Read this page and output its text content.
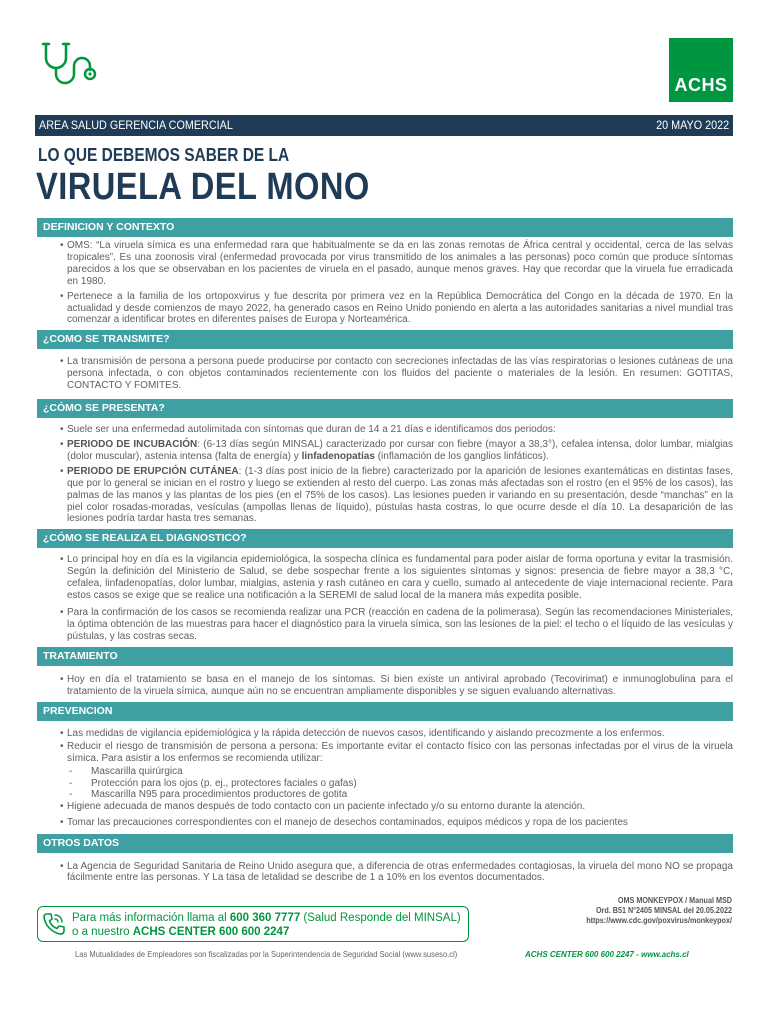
ACHS
AREA SALUD GERENCIA COMERCIAL	20 MAYO 2022
LO QUE DEBEMOS SABER DE LA
VIRUELA DEL MONO
DEFINICION Y CONTEXTO
• OMS: “La viruela símica es una enfermedad rara que habitualmente se da en las zonas remotas de África central y occidental, cerca de las selvas tropicales”. Es una zoonosis viral (enfermedad provocada por virus transmitido de los animales a las personas) poco común que produce síntomas parecidos a los que se observaban en los pacientes de viruela en el pasado, aunque menos graves. Hay que recordar que la viruela fue erradicada en 1980.
• Pertenece a la familia de los ortopoxvirus y fue descrita por primera vez en la República Democrática del Congo en la década de 1970. En la actualidad y desde comienzos de mayo 2022, ha generado casos en Reino Unido poniendo en alerta a las autoridades sanitarias a nivel mundial tras comenzar a identificar brotes en diferentes países de Europa y Norteamérica.
¿COMO SE TRANSMITE?
• La transmisión de persona a persona puede producirse por contacto con secreciones infectadas de las vías respiratorias o lesiones cutáneas de una persona infectada, o con objetos contaminados recientemente con los fluidos del paciente o materiales de la lesión. En resumen: GOTITAS, CONTACTO Y FOMITES.
¿CÓMO SE PRESENTA?
• Suele ser una enfermedad autolimitada con síntomas que duran de 14 a 21 días e identificamos dos periodos:
• PERIODO DE INCUBACIÓN: (6-13 días según MINSAL) caracterizado por cursar con fiebre (mayor a 38,3°), cefalea intensa, dolor lumbar, mialgias (dolor muscular), astenia intensa (falta de energía) y linfadenopatías (inflamación de los ganglios linfáticos).
• PERIODO DE ERUPCIÓN CUTÁNEA: (1-3 días post inicio de la fiebre) caracterizado por la aparición de lesiones exantemáticas en distintas fases, que por lo general se inician en el rostro y luego se extienden al resto del cuerpo. Las zonas más afectadas son el rostro (en el 95% de los casos), las palmas de las manos y las plantas de los pies (en el 75% de los casos). Las lesiones pueden ir variando en su presentación, desde “manchas” en la piel color rosadas-moradas, vesículas (ampollas llenas de líquido), pústulas hasta costras, lo que ocurre desde el día 10. La desaparición de las lesiones podría tardar hasta tres semanas.
¿CÓMO SE REALIZA EL DIAGNOSTICO?
• Lo principal hoy en día es la vigilancia epidemiológica, la sospecha clínica es fundamental para poder aislar de forma oportuna y evitar la trasmisión. Según la definición del Ministerio de Salud, se debe sospechar frente a los siguientes síntomas y signos: presencia de fiebre mayor a 38,3 °C, cefalea, linfadenopatías, dolor lumbar, mialgias, astenia y rash cutáneo en cara y cuello, sumado al antecedente de viaje internacional reciente. Para estos casos se exige que se realice una notificación a la SEREMI de salud local de la manera más expedita posible.
• Para la confirmación de los casos se recomienda realizar una PCR (reacción en cadena de la polimerasa). Según las recomendaciones Ministeriales, la óptima obtención de las muestras para hacer el diagnóstico para la viruela símica, son las lesiones de la piel: el techo o el líquido de las vesículas y pústulas, y las costras secas.
TRATAMIENTO
• Hoy en día el tratamiento se basa en el manejo de los síntomas. Si bien existe un antiviral aprobado (Tecovirimat) e inmunoglobulina para el tratamiento de la viruela símica, aunque aún no se encuentran ampliamente disponibles y se siguen evaluando alternativas.
PREVENCION
• Las medidas de vigilancia epidemiológica y la rápida detección de nuevos casos, identificando y aislando precozmente a los enfermos.
• Reducir el riesgo de transmisión de persona a persona: Es importante evitar el contacto físico con las personas infectadas por el virus de la viruela símica. Para asistir a los enfermos se recomienda utilizar:
- Mascarilla quirúrgica
- Protección para los ojos (p. ej., protectores faciales o gafas)
- Mascarilla N95 para procedimientos productores de gotita
• Higiene adecuada de manos después de todo contacto con un paciente infectado y/o su entorno durante la atención.
• Tomar las precauciones correspondientes con el manejo de desechos contaminados, equipos médicos y ropa de los pacientes
OTROS DATOS
• La Agencia de Seguridad Sanitaria de Reino Unido asegura que, a diferencia de otras enfermedades contagiosas, la viruela del mono NO se propaga fácilmente entre las personas. Y La tasa de letalidad se describe de 1 a 10% en los eventos documentados.
OMS MONKEYPOX / Manual MSD
Ord. B51 N°2405 MINSAL del 20.05.2022
https://www.cdc.gov/poxvirus/monkeypox/
Para más información llama al 600 360 7777 (Salud Responde del MINSAL)
o a nuestro ACHS CENTER 600 600 2247
Las Mutualidades de Empleadores son fiscalizadas por la Superintendencia de Seguridad Social (www.suseso.cl)	ACHS CENTER 600 600 2247 - www.achs.cl
